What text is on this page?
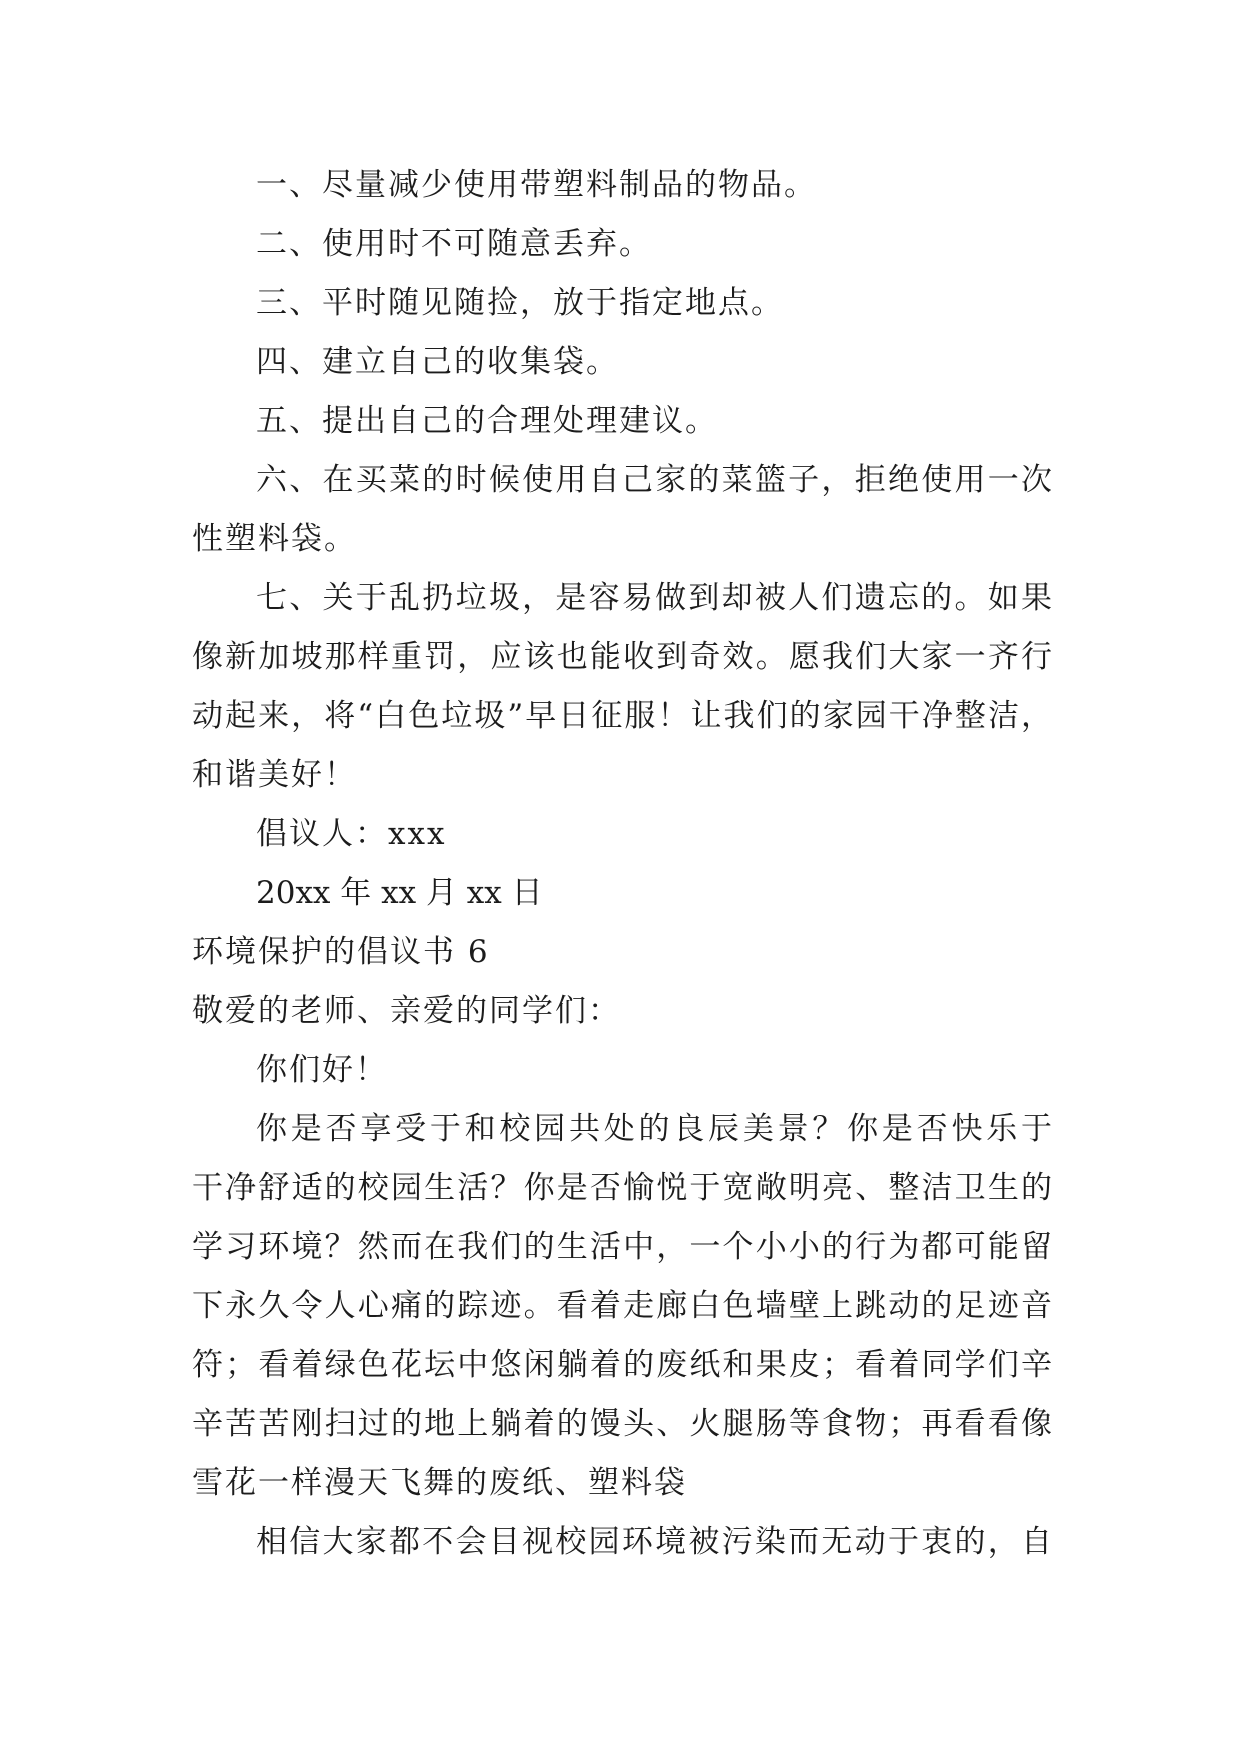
一、尽量减少使用带塑料制品的物品。
二、使用时不可随意丢弃。
三、平时随见随捡，放于指定地点。
四、建立自己的收集袋。
五、提出自己的合理处理建议。
六、在买菜的时候使用自己家的菜篮子，拒绝使用一次
性塑料袋。
七、关于乱扔垃圾，是容易做到却被人们遗忘的。如果
像新加坡那样重罚，应该也能收到奇效。愿我们大家一齐行
动起来，将“白色垃圾”早日征服！让我们的家园干净整洁，
和谐美好！
倡议人：xxx
20xx 年 xx 月 xx 日
环境保护的倡议书 6
敬爱的老师、亲爱的同学们：
你们好！
你是否享受于和校园共处的良辰美景？你是否快乐于
干净舒适的校园生活？你是否愉悦于宽敞明亮、整洁卫生的
学习环境？然而在我们的生活中，一个小小的行为都可能留
下永久令人心痛的踪迹。看着走廊白色墙壁上跳动的足迹音
符；看着绿色花坛中悠闲躺着的废纸和果皮；看着同学们辛
辛苦苦刚扫过的地上躺着的馒头、火腿肠等食物；再看看像
雪花一样漫天飞舞的废纸、塑料袋
相信大家都不会目视校园环境被污染而无动于衷的，自
